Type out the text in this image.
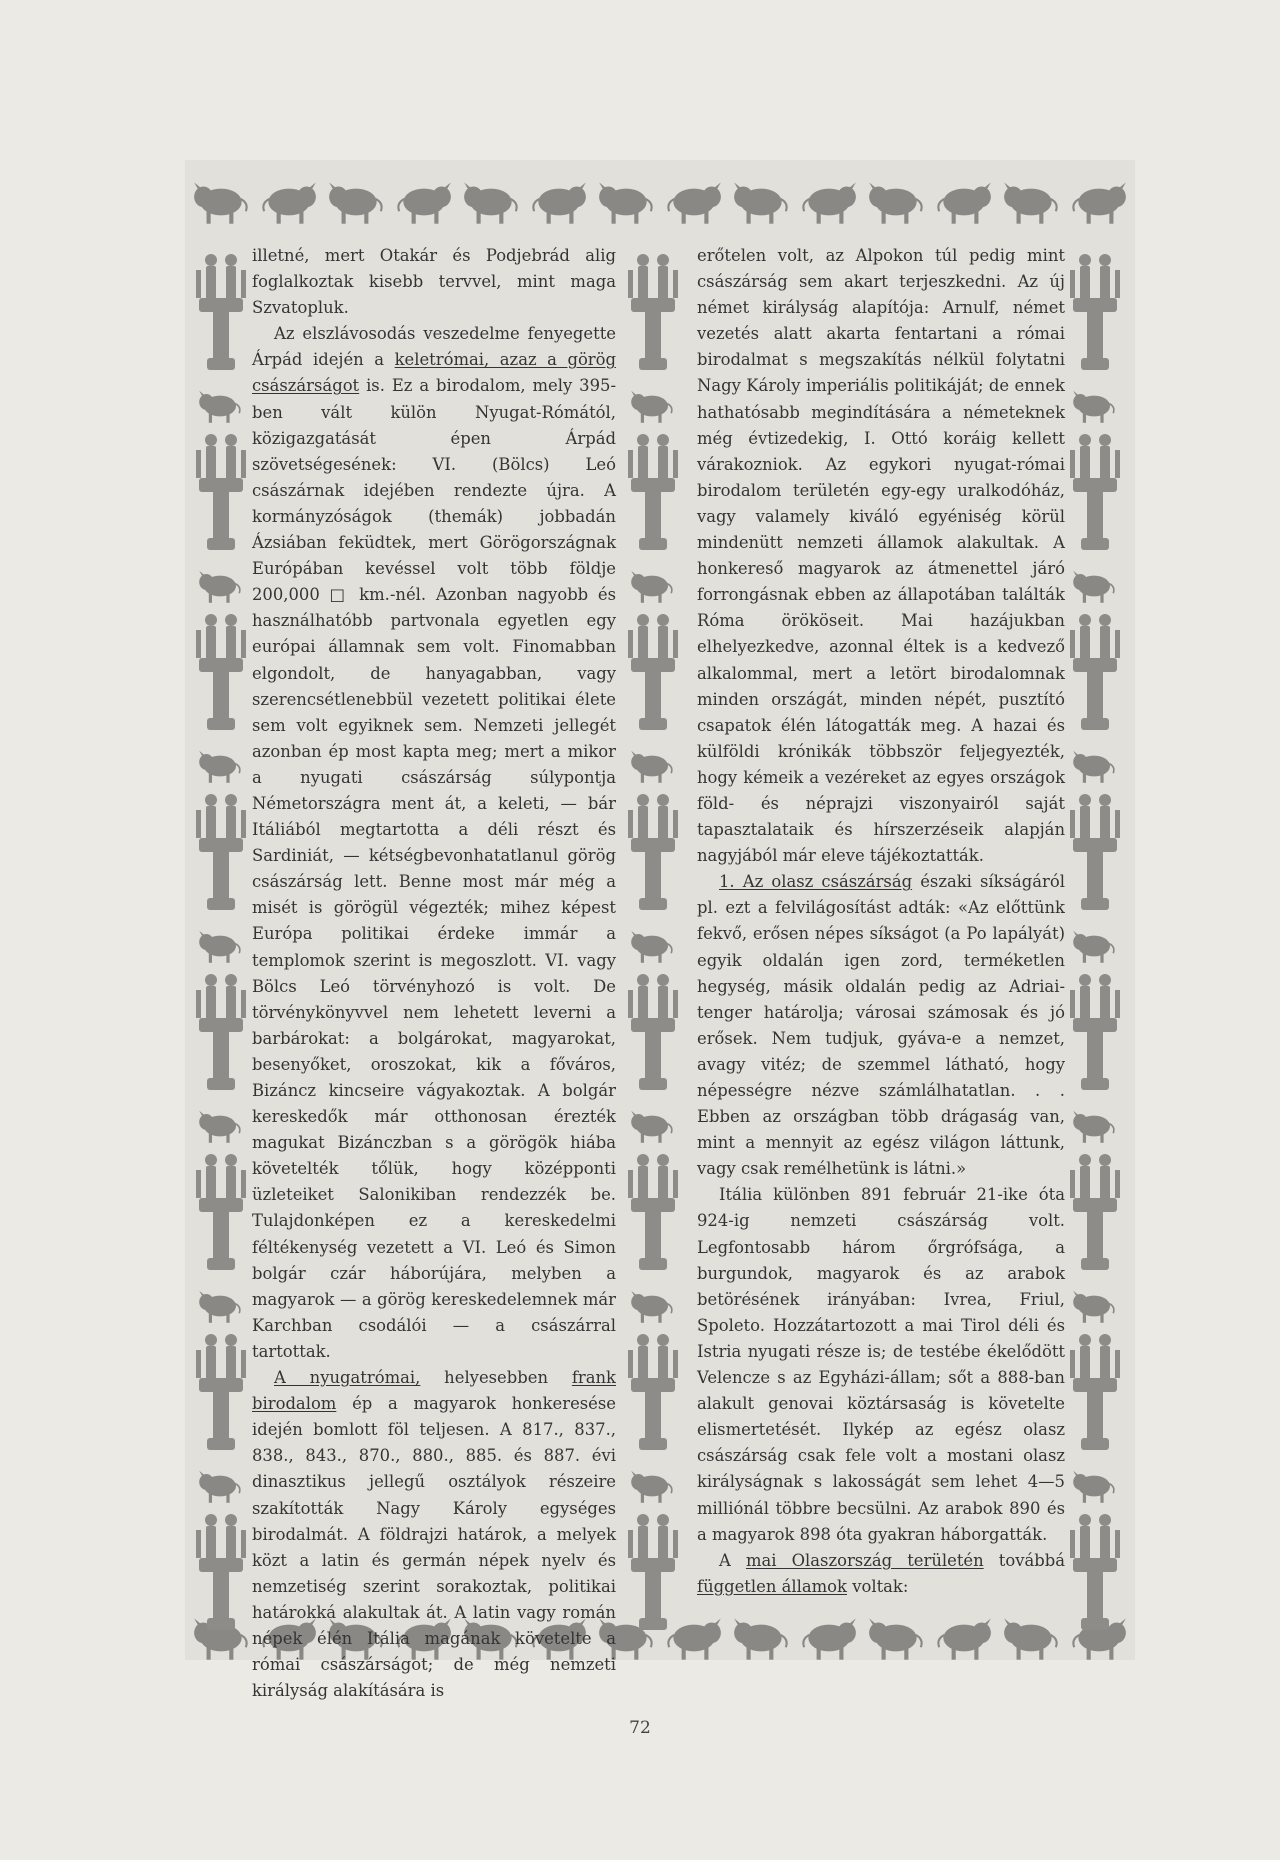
illetné, mert Otakár és Podjebrád alig foglalkoztak kisebb tervvel, mint maga Szvatopluk.

Az elszlávosodás veszedelme fenyegette Árpád idején a keletrómai, azaz a görög császárságot is. Ez a birodalom, mely 395-ben vált külön Nyugat-Rómától, közigazgatását épen Árpád szövetségesének: VI. (Bölcs) Leó császárnak idejében rendezte újra. A kormányzóságok (themák) jobbadán Ázsiában feküdtek, mert Görögországnak Európában kevéssel volt több földje 200,000 □ km.-nél. Azonban nagyobb és használhatóbb partvonala egyetlen egy európai államnak sem volt. Finomabban elgondolt, de hanyagabban, vagy szerencsétlenebbül vezetett politikai élete sem volt egyiknek sem. Nemzeti jellegét azonban ép most kapta meg; mert a mikor a nyugati császárság súlypontja Németországra ment át, a keleti, — bár Itáliából megtartotta a déli részt és Sardiniát, — kétségbevonhatatlanul görög császárság lett. Benne most már még a misét is görögül végezték; mihez képest Európa politikai érdeke immár a templomok szerint is megoszlott. VI. vagy Bölcs Leó törvényhozó is volt. De törvénykönyvvel nem lehetett leverni a barbárokat: a bolgárokat, magyarokat, besenyőket, oroszokat, kik a főváros, Bizáncz kincseire vágyakoztak. A bolgár kereskedők már otthonosan érezték magukat Bizánczban s a görögök hiába követelték tőlük, hogy középponti üzleteiket Salonikiban rendezzék be. Tulajdonképen ez a kereskedelmi féltékenység vezetett a VI. Leó és Simon bolgár czár háborújára, melyben a magyarok — a görög kereskedelemnek már Karchban csodálói — a császárral tartottak.

A nyugatrómai, helyesebben frank birodalom ép a magyarok honkeresése idején bomlott föl teljesen. A 817., 837., 838., 843., 870., 880., 885. és 887. évi dinasztikus jellegű osztályok részeire szakították Nagy Károly egységes birodalmát. A földrajzi határok, a melyek közt a latin és germán népek nyelv és nemzetiség szerint sorakoztak, politikai határokká alakultak át. A latin vagy román népek élén Itália magának követelte a római császárságot; de még nemzeti királyság alakítására is

erőtelen volt, az Alpokon túl pedig mint császárság sem akart terjeszkedni. Az új német királyság alapítója: Arnulf, német vezetés alatt akarta fentartani a római birodalmat s megszakítás nélkül folytatni Nagy Károly imperiális politikáját; de ennek hathatósabb megindítására a németeknek még évtizedekig, I. Ottó koráig kellett várakozniok. Az egykori nyugat-római birodalom területén egy-egy uralkodóház, vagy valamely kiváló egyéniség körül mindenütt nemzeti államok alakultak. A honkereső magyarok az átmenettel járó forrongásnak ebben az állapotában találták Róma örököseit. Mai hazájukban elhelyezkedve, azonnal éltek is a kedvező alkalommal, mert a letört birodalomnak minden országát, minden népét, pusztító csapatok élén látogatták meg. A hazai és külföldi krónikák többször feljegyezték, hogy kémeik a vezéreket az egyes országok föld- és néprajzi viszonyairól saját tapasztalataik és hírszerzéseik alapján nagyjából már eleve tájékoztatták.

1. Az olasz császárság északi síkságáról pl. ezt a felvilágosítást adták: «Az előttünk fekvő, erősen népes síkságot (a Po lapályát) egyik oldalán igen zord, terméketlen hegység, másik oldalán pedig az Adriai-tenger határolja; városai számosak és jó erősek. Nem tudjuk, gyáva-e a nemzet, avagy vitéz; de szemmel látható, hogy népességre nézve számlálhatatlan. . . Ebben az országban több drágaság van, mint a mennyit az egész világon láttunk, vagy csak remélhetünk is látni.»

Itália különben 891 február 21-ike óta 924-ig nemzeti császárság volt. Legfontosabb három őrgrófsága, a burgundok, magyarok és az arabok betörésének irányában: Ivrea, Friul, Spoleto. Hozzátartozott a mai Tirol déli és Istria nyugati része is; de testébe ékelődött Velencze s az Egyházi-állam; sőt a 888-ban alakult genovai köztársaság is követelte elismertetését. Ilykép az egész olasz császárság csak fele volt a mostani olasz királyságnak s lakosságát sem lehet 4—5 milliónál többre becsülni. Az arabok 890 és a magyarok 898 óta gyakran háborgatták.

A mai Olaszország területén továbbá független államok voltak:

72
